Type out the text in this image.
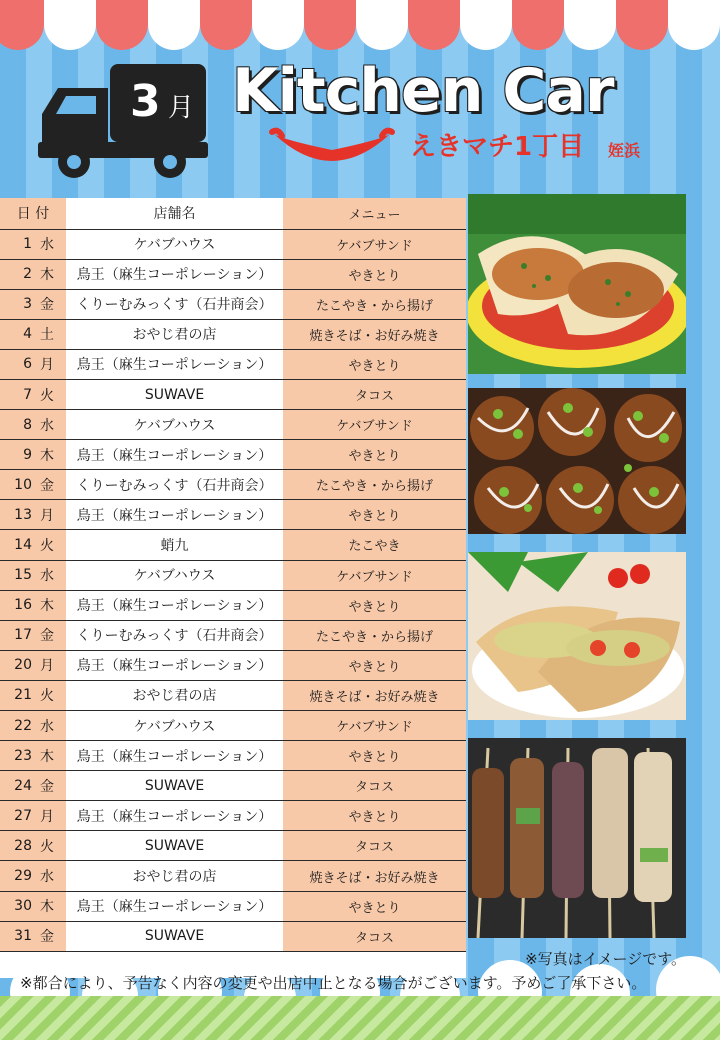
3 月 Kitchen Car
えきマチ1丁目 姪浜
日 付		店舗名	メニュー
1	水	ケバブハウス	ケバブサンド
2	木	鳥王（麻生コーポレーション）	やきとり
3	金	くりーむみっくす（石井商会）	たこやき・から揚げ
4	土	おやじ君の店	焼きそば・お好み焼き
6	月	鳥王（麻生コーポレーション）	やきとり
7	火	SUWAVE	タコス
8	水	ケバブハウス	ケバブサンド
9	木	鳥王（麻生コーポレーション）	やきとり
10	金	くりーむみっくす（石井商会）	たこやき・から揚げ
13	月	鳥王（麻生コーポレーション）	やきとり
14	火	蛸九	たこやき
15	水	ケバブハウス	ケバブサンド
16	木	鳥王（麻生コーポレーション）	やきとり
17	金	くりーむみっくす（石井商会）	たこやき・から揚げ
20	月	鳥王（麻生コーポレーション）	やきとり
21	火	おやじ君の店	焼きそば・お好み焼き
22	水	ケバブハウス	ケバブサンド
23	木	鳥王（麻生コーポレーション）	やきとり
24	金	SUWAVE	タコス
27	月	鳥王（麻生コーポレーション）	やきとり
28	火	SUWAVE	タコス
29	水	おやじ君の店	焼きそば・お好み焼き
30	木	鳥王（麻生コーポレーション）	やきとり
31	金	SUWAVE	タコス

※写真はイメージです。
※都合により、予告なく内容の変更や出店中止となる場合がございます。予めご了承下さい。
